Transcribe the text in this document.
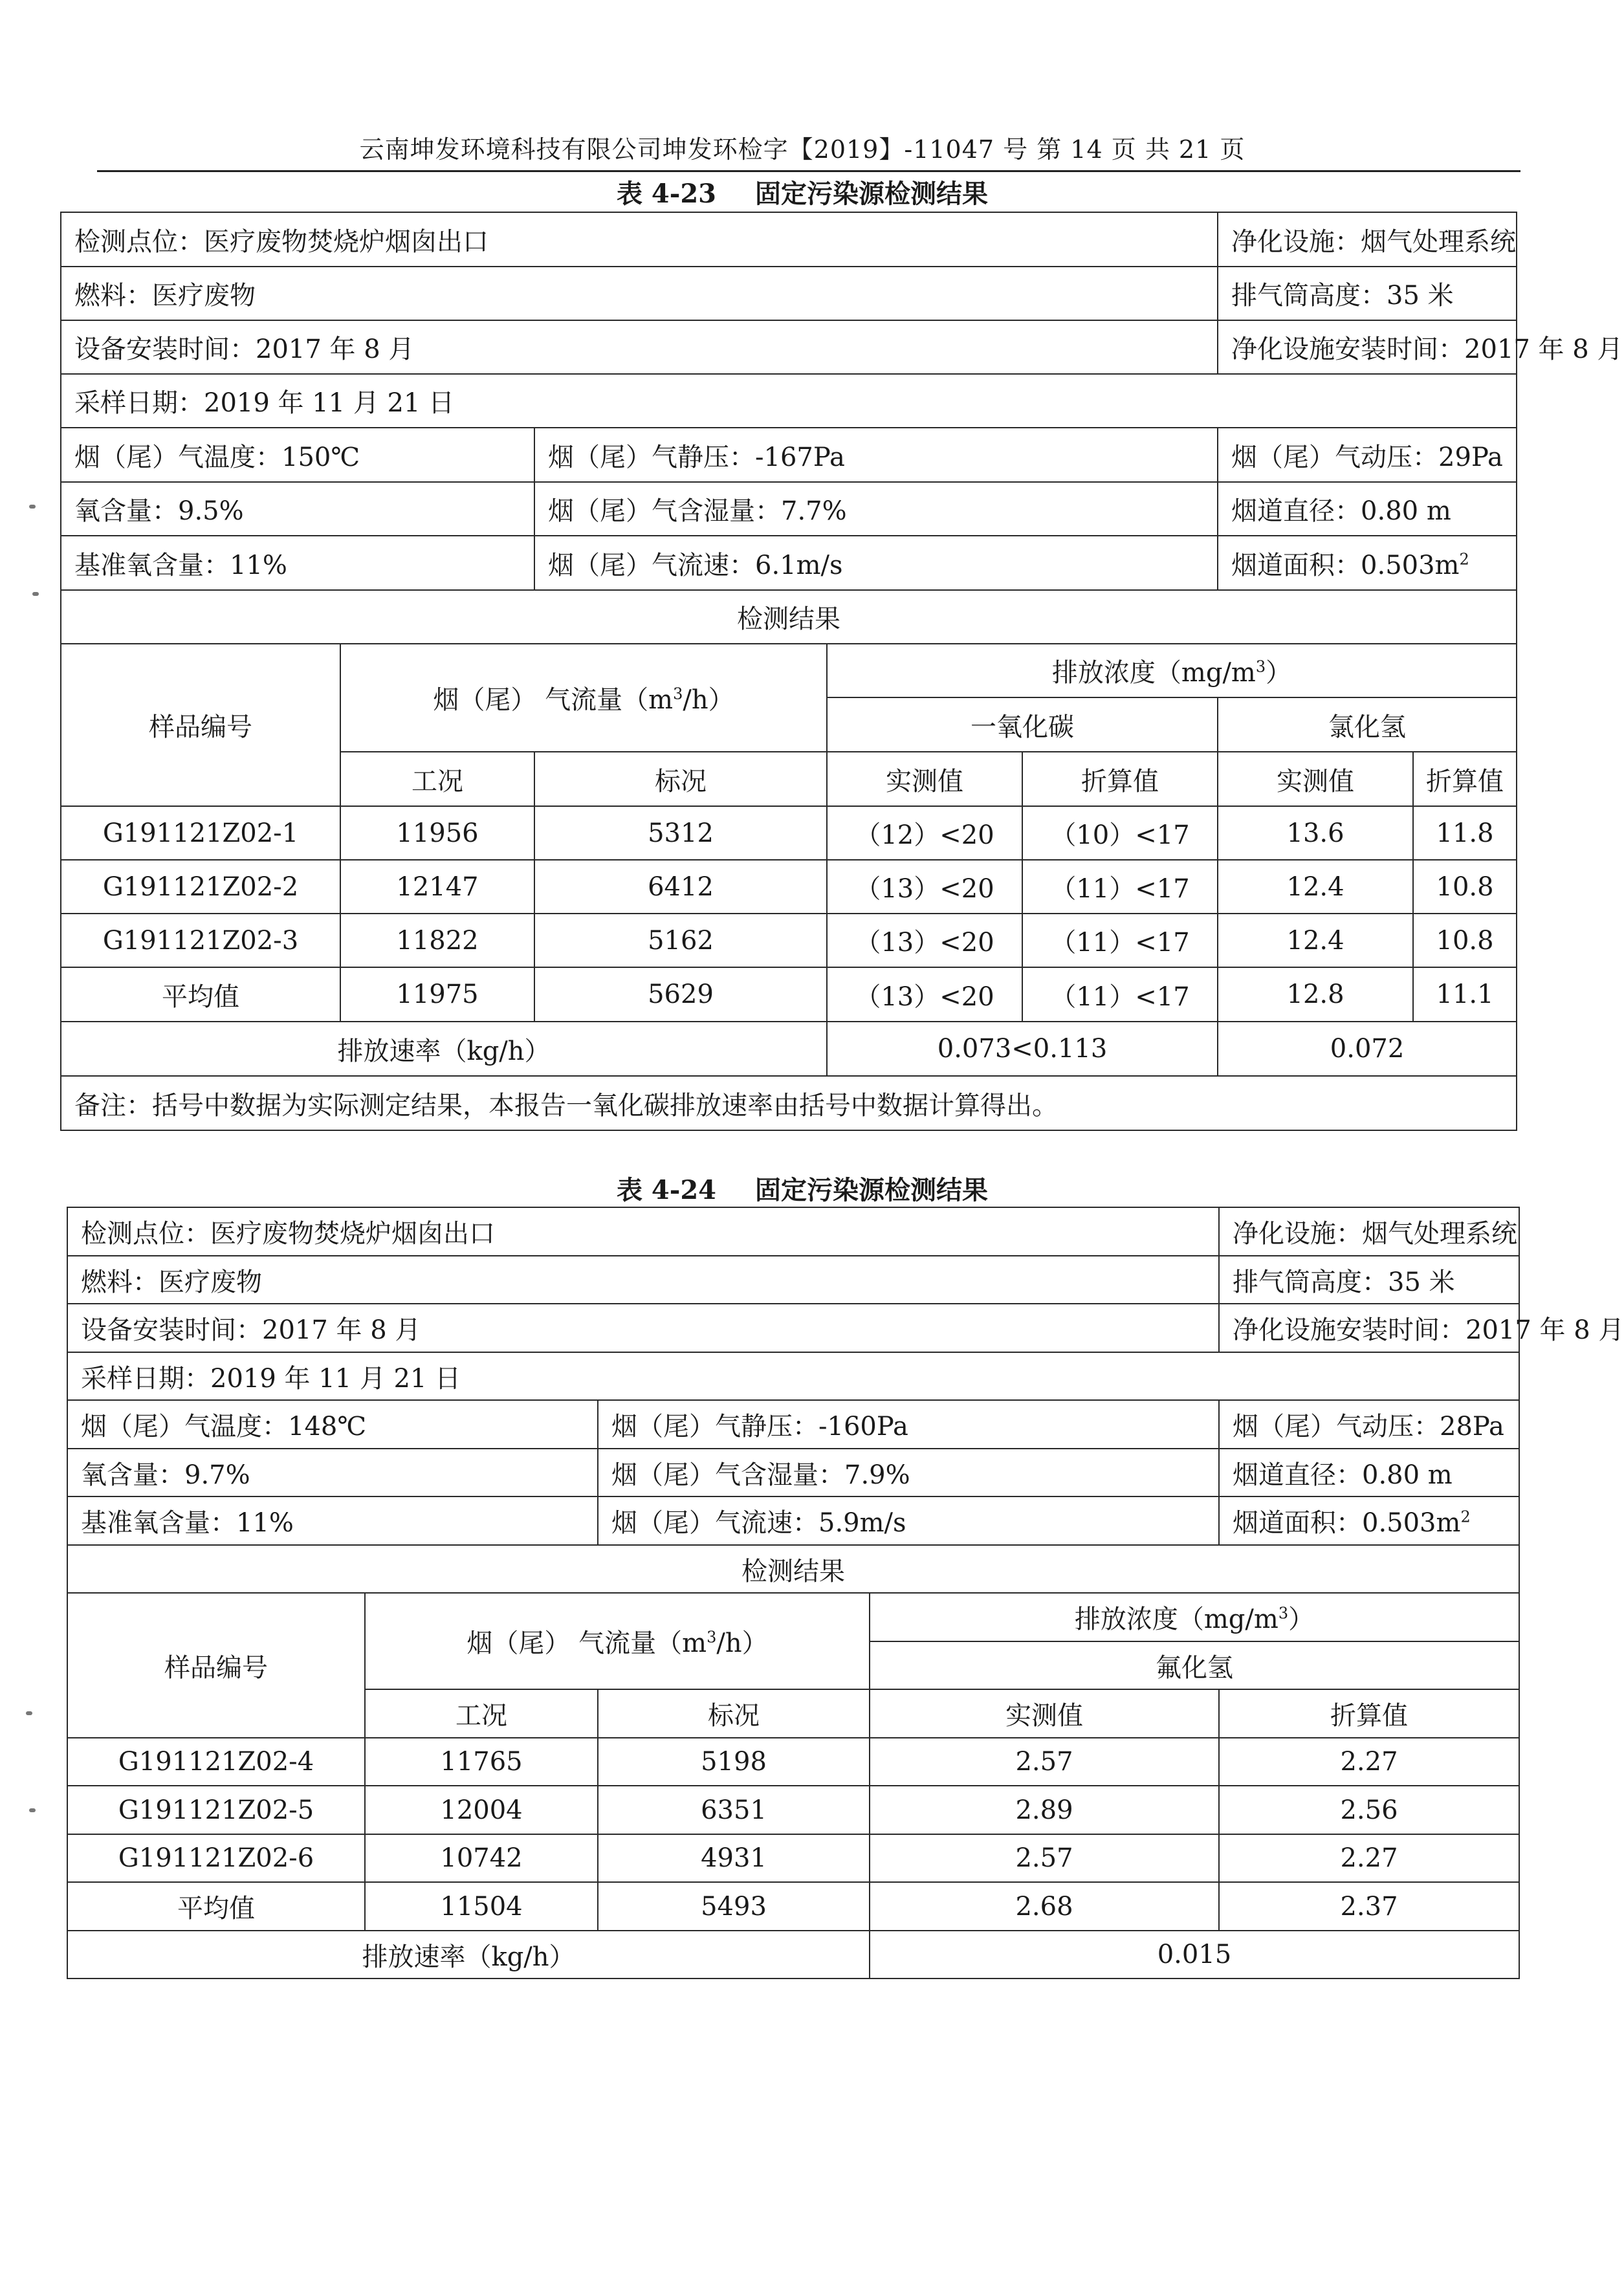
云南坤发环境科技有限公司坤发环检字【2019】-11047 号 第 14 页 共 21 页
表 4-23 固定污染源检测结果
检测点位：医疗废物焚烧炉烟囱出口					净化设施：烟气处理系统	
燃料：医疗废物					排气筒高度：35 米	
设备安装时间：2017 年 8 月					净化设施安装时间：2017 年 8 月	
采样日期：2019 年 11 月 21 日						
烟（尾）气温度：150℃		烟（尾）气静压：-167Pa			烟（尾）气动压：29Pa	
氧含量：9.5%		烟（尾）气含湿量：7.7%			烟道直径：0.80 m	
基准氧含量：11%		烟（尾）气流速：6.1m/s			烟道面积：$0.503m^2$
检测结果						
样品编号	烟（尾） 气流量$(m^3/h)$		排放浓度$(mg/m^3)$			
			一氧化碳		氯化氢	
	工况	标况	实测值	折算值	实测值	折算值
G191121Z02-1	11956	5312	（12）<20	（10）<17	13.6	11.8
G191121Z02-2	12147	6412	（13）<20	（11）<17	12.4	10.8
G191121Z02-3	11822	5162	（13）<20	（11）<17	12.4	10.8
平均值	11975	5629	（13）<20	（11）<17	12.8	11.1
排放速率（kg/h）			0.073<0.113		0.072	
备注：括号中数据为实际测定结果，本报告一氧化碳排放速率由括号中数据计算得出。						
表 4-24 固定污染源检测结果
检测点位：医疗废物焚烧炉烟囱出口				净化设施：烟气处理系统
燃料：医疗废物				排气筒高度：35 米
设备安装时间：2017 年 8 月				净化设施安装时间：2017 年 8 月
采样日期：2019 年 11 月 21 日				
烟（尾）气温度：148℃		烟（尾）气静压：-160Pa		烟（尾）气动压：28Pa
氧含量：9.7%		烟（尾）气含湿量：7.9%		烟道直径：0.80 m
基准氧含量：11%		烟（尾）气流速：5.9m/s		烟道面积：$0.503m^2$
检测结果				
样品编号	烟（尾） 气流量$(m^3/h)$		排放浓度$(mg/m^3)$	
			氟化氢	
	工况	标况	实测值	折算值
G191121Z02-4	11765	5198	2.57	2.27
G191121Z02-5	12004	6351	2.89	2.56
G191121Z02-6	10742	4931	2.57	2.27
平均值	11504	5493	2.68	2.37
排放速率（kg/h）			0.015	
